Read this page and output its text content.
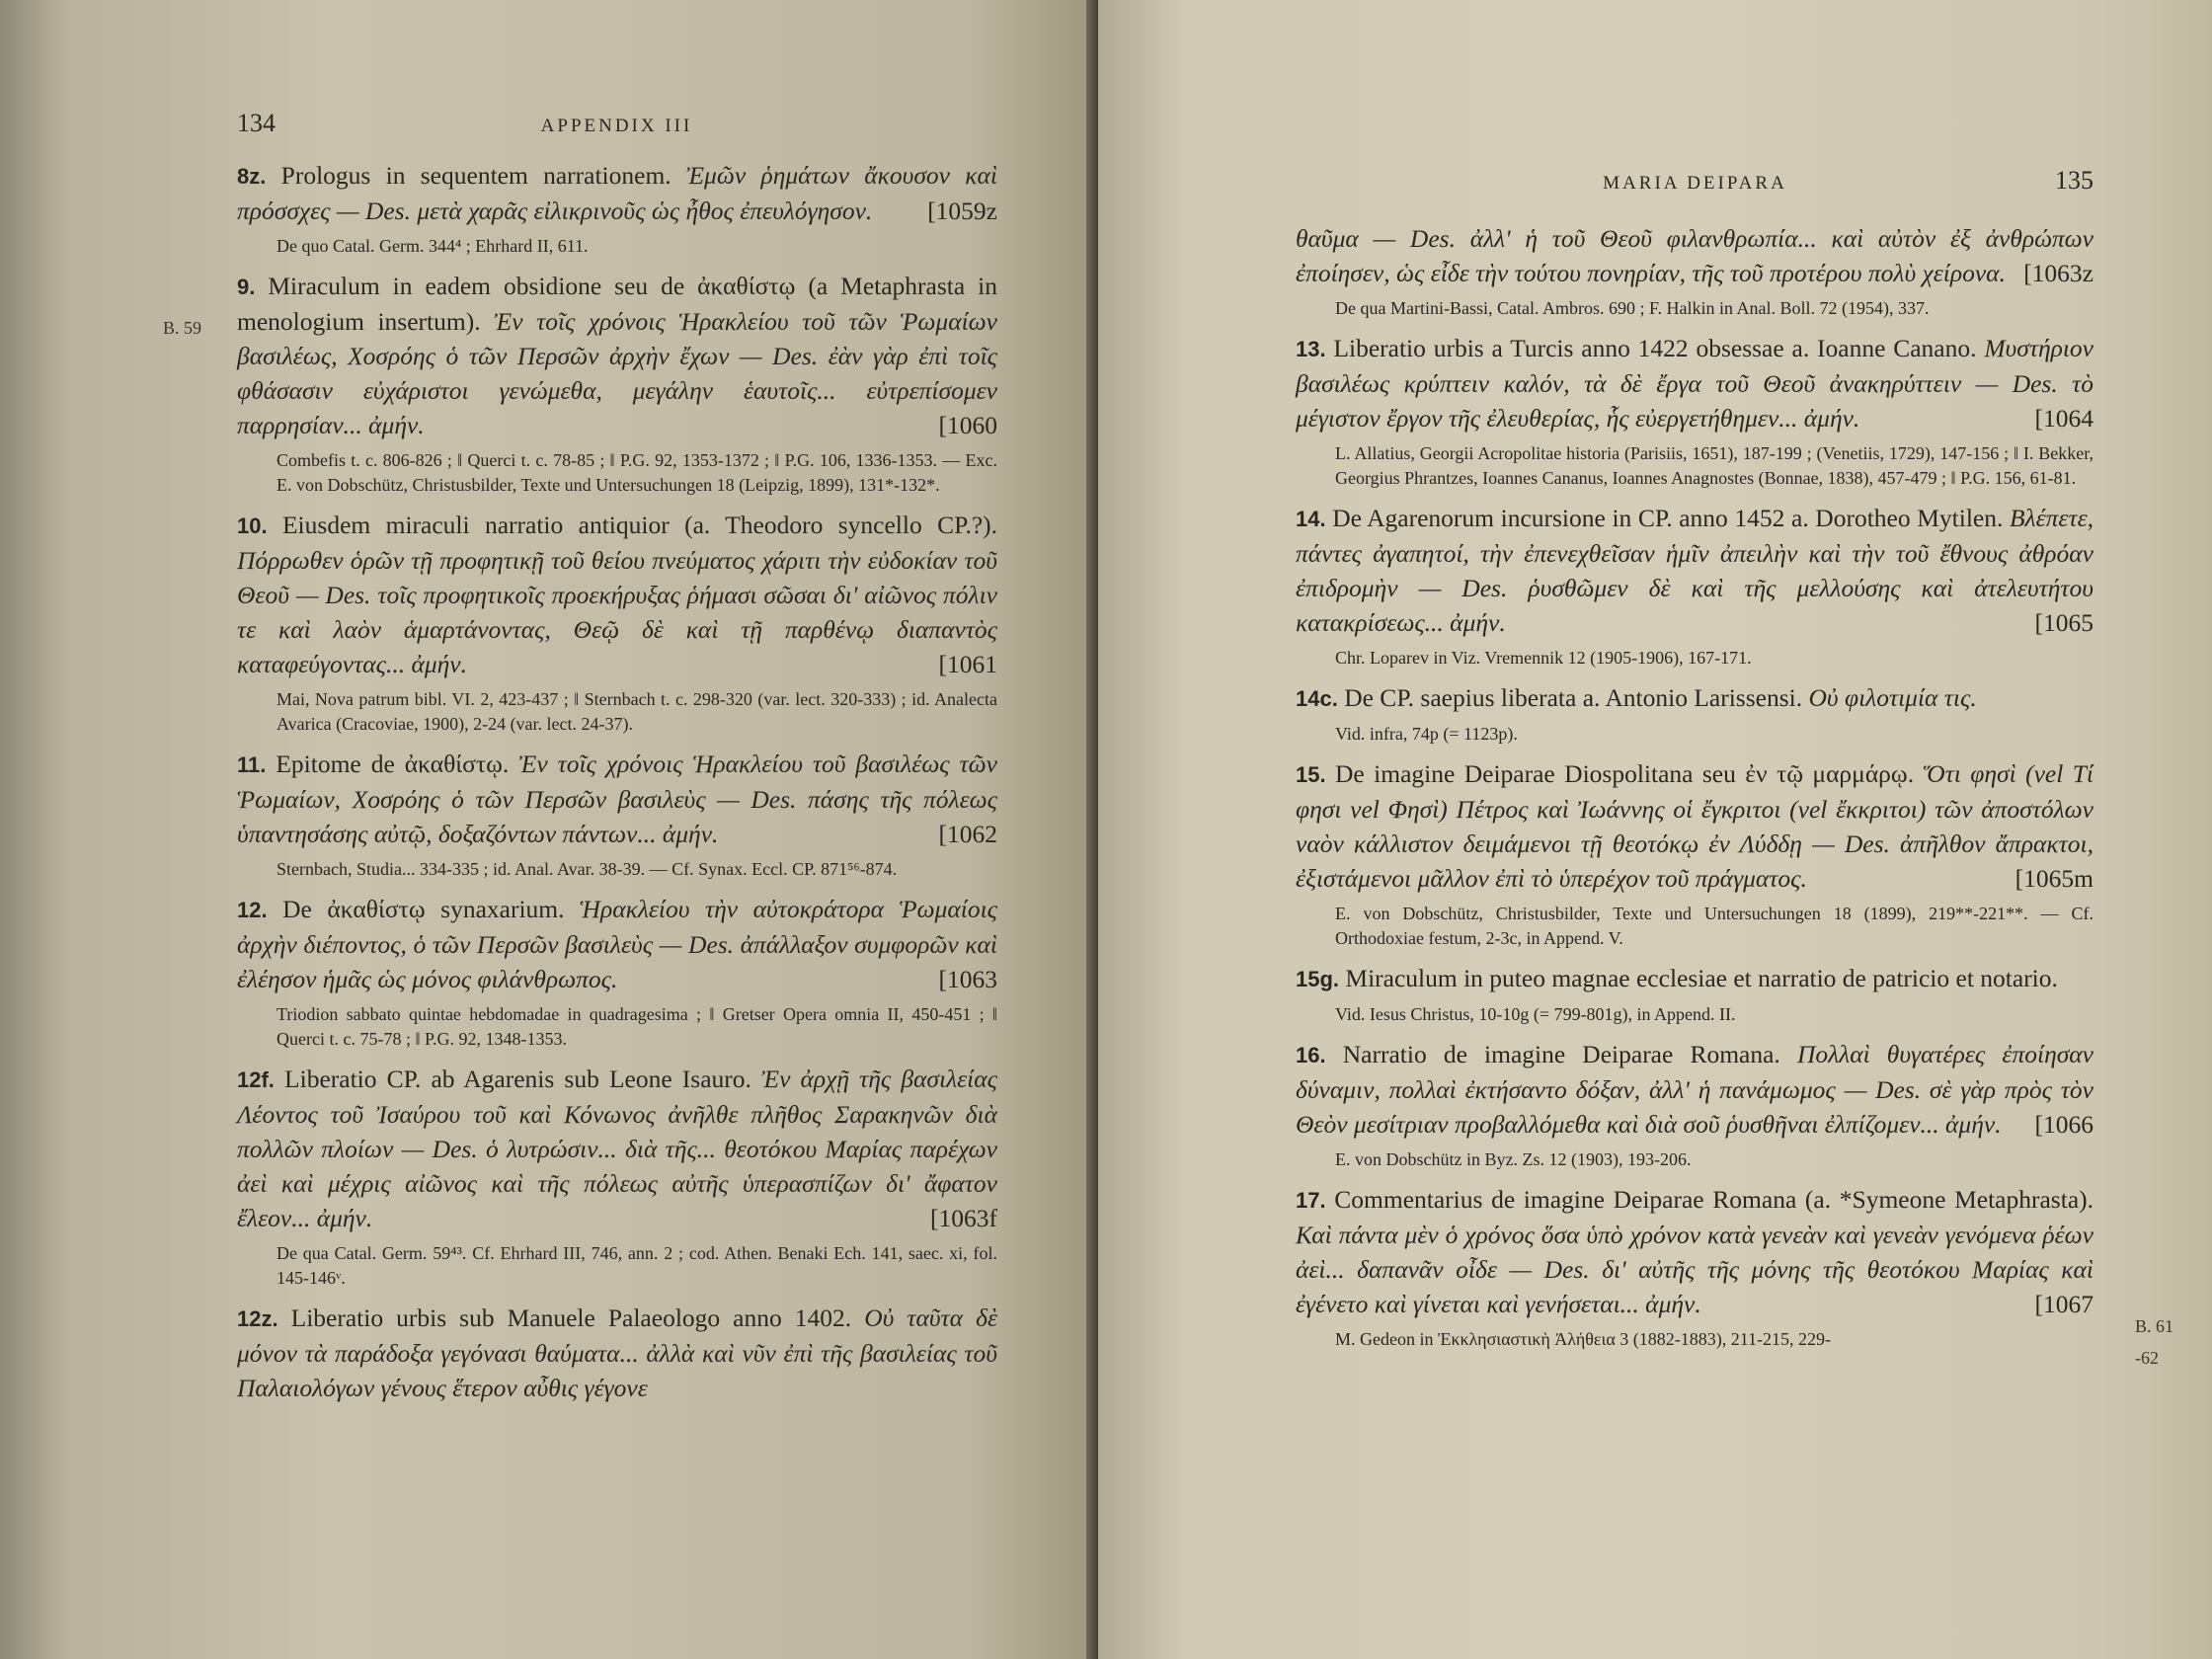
134	APPENDIX III
B. 59
8z. Prologus in sequentem narrationem. Ἐμῶν ῥημάτων ἄκουσον καὶ πρόσσχες — Des. μετὰ χαρᾶς εἰλικρινοῦς ὡς ἦθος ἐπευλόγησον. [1059z
De quo Catal. Germ. 344⁴ ; Ehrhard II, 611.
9. Miraculum in eadem obsidione seu de ἀκαθίστῳ (a Metaphrasta in menologium insertum). Ἐν τοῖς χρόνοις Ἡρακλείου τοῦ τῶν Ῥωμαίων βασιλέως, Χοσρόης ὁ τῶν Περσῶν ἀρχὴν ἔχων — Des. ἐὰν γὰρ ἐπὶ τοῖς φθάσασιν εὐχάριστοι γενώμεθα, μεγάλην ἑαυτοῖς... εὐτρεπίσομεν παρρησίαν... ἀμήν.	[1060
Combefis t. c. 806-826 ; ‖ Querci t. c. 78-85 ; ‖ P.G. 92, 1353-1372 ; ‖ P.G. 106, 1336-1353. — Exc. E. von Dobschütz, Christusbilder, Texte und Untersuchungen 18 (Leipzig, 1899), 131*-132*.
10. Eiusdem miraculi narratio antiquior (a. Theodoro syncello CP.?). Πόρρωθεν ὁρῶν τῇ προφητικῇ τοῦ θείου πνεύματος χάριτι τὴν εὐδοκίαν τοῦ Θεοῦ — Des. τοῖς προφητικοῖς προεκήρυξας ῥήμασι σῶσαι δι' αἰῶνος πόλιν τε καὶ λαὸν ἁμαρτάνοντας, Θεῷ δὲ καὶ τῇ παρθένῳ διαπαντὸς καταφεύγοντας... ἀμήν.	[1061
Mai, Nova patrum bibl. VI. 2, 423-437 ; ‖ Sternbach t. c. 298-320 (var. lect. 320-333) ; id. Analecta Avarica (Cracoviae, 1900), 2-24 (var. lect. 24-37).
11. Epitome de ἀκαθίστῳ. Ἐν τοῖς χρόνοις Ἡρακλείου τοῦ βασιλέως τῶν Ῥωμαίων, Χοσρόης ὁ τῶν Περσῶν βασιλεὺς — Des. πάσης τῆς πόλεως ὑπαντησάσης αὐτῷ, δοξαζόντων πάντων... ἀμήν.	[1062
Sternbach, Studia... 334-335 ; id. Anal. Avar. 38-39. — Cf. Synax. Eccl. CP. 871⁵⁶-874.
12. De ἀκαθίστῳ synaxarium. Ἡρακλείου τὴν αὐτοκράτορα Ῥωμαίοις ἀρχὴν διέποντος, ὁ τῶν Περσῶν βασιλεὺς — Des. ἀπάλλαξον συμφορῶν καὶ ἐλέησον ἡμᾶς ὡς μόνος φιλάνθρωπος.	[1063
Triodion sabbato quintae hebdomadae in quadragesima ; ‖ Gretser Opera omnia II, 450-451 ; ‖ Querci t. c. 75-78 ; ‖ P.G. 92, 1348-1353.
12f. Liberatio CP. ab Agarenis sub Leone Isauro. Ἐν ἀρχῇ τῆς βασιλείας Λέοντος τοῦ Ἰσαύρου τοῦ καὶ Κόνωνος ἀνῆλθε πλῆθος Σαρακηνῶν διὰ πολλῶν πλοίων — Des. ὁ λυτρώσιν... διὰ τῆς... θεοτόκου Μαρίας παρέχων ἀεὶ καὶ μέχρις αἰῶνος καὶ τῆς πόλεως αὐτῆς ὑπερασπίζων δι' ἄφατον ἔλεον... ἀμήν.	[1063f
De qua Catal. Germ. 59⁴³. Cf. Ehrhard III, 746, ann. 2 ; cod. Athen. Benaki Ech. 141, saec. xi, fol. 145-146ᵛ.
12z. Liberatio urbis sub Manuele Palaeologo anno 1402. Οὐ ταῦτα δὲ μόνον τὰ παράδοξα γεγόνασι θαύματα... ἀλλὰ καὶ νῦν ἐπὶ τῆς βασιλείας τοῦ Παλαιολόγων γένους ἕτερον αὖθις γέγονε
MARIA DEIPARA	135
B. 61
-62
θαῦμα — Des. ἀλλ' ἡ τοῦ Θεοῦ φιλανθρωπία... καὶ αὐτὸν ἐξ ἀνθρώπων ἐποίησεν, ὡς εἶδε τὴν τούτου πονηρίαν, τῆς τοῦ προτέρου πολὺ χείρονα. [1063z
De qua Martini-Bassi, Catal. Ambros. 690 ; F. Halkin in Anal. Boll. 72 (1954), 337.
13. Liberatio urbis a Turcis anno 1422 obsessae a. Ioanne Canano. Μυστήριον βασιλέως κρύπτειν καλόν, τὰ δὲ ἔργα τοῦ Θεοῦ ἀνακηρύττειν — Des. τὸ μέγιστον ἔργον τῆς ἐλευθερίας, ἧς εὐεργετήθημεν... ἀμήν.	[1064
L. Allatius, Georgii Acropolitae historia (Parisiis, 1651), 187-199 ; (Venetiis, 1729), 147-156 ; ‖ I. Bekker, Georgius Phrantzes, Ioannes Cananus, Ioannes Anagnostes (Bonnae, 1838), 457-479 ; ‖ P.G. 156, 61-81.
14. De Agarenorum incursione in CP. anno 1452 a. Dorotheo Mytilen. Βλέπετε, πάντες ἀγαπητοί, τὴν ἐπενεχθεῖσαν ἡμῖν ἀπειλὴν καὶ τὴν τοῦ ἔθνους ἀθρόαν ἐπιδρομὴν — Des. ῥυσθῶμεν δὲ καὶ τῆς μελλούσης καὶ ἀτελευτήτου κατακρίσεως... ἀμήν.	[1065
Chr. Loparev in Viz. Vremennik 12 (1905-1906), 167-171.
14c. De CP. saepius liberata a. Antonio Larissensi. Οὐ φιλοτιμία τις.
Vid. infra, 74p (= 1123p).
15. De imagine Deiparae Diospolitana seu ἐν τῷ μαρμάρῳ. Ὅτι φησὶ (vel Τί φησι vel Φησὶ) Πέτρος καὶ Ἰωάννης οἱ ἔγκριτοι (vel ἔκκριτοι) τῶν ἀποστόλων ναὸν κάλλιστον δειμάμενοι τῇ θεοτόκῳ ἐν Λύδδῃ — Des. ἀπῆλθον ἄπρακτοι, ἐξιστάμενοι μᾶλλον ἐπὶ τὸ ὑπερέχον τοῦ πράγματος.	[1065m
E. von Dobschütz, Christusbilder, Texte und Untersuchungen 18 (1899), 219**-221**. — Cf. Orthodoxiae festum, 2-3c, in Append. V.
15g. Miraculum in puteo magnae ecclesiae et narratio de patricio et notario.
Vid. Iesus Christus, 10-10g (= 799-801g), in Append. II.
16. Narratio de imagine Deiparae Romana. Πολλαὶ θυγατέρες ἐποίησαν δύναμιν, πολλαὶ ἐκτήσαντο δόξαν, ἀλλ' ἡ πανάμωμος — Des. σὲ γὰρ πρὸς τὸν Θεὸν μεσίτριαν προβαλλόμεθα καὶ διὰ σοῦ ῥυσθῆναι ἐλπίζομεν... ἀμήν. [1066
E. von Dobschütz in Byz. Zs. 12 (1903), 193-206.
17. Commentarius de imagine Deiparae Romana (a. *Symeone Metaphrasta). Καὶ πάντα μὲν ὁ χρόνος ὅσα ὑπὸ χρόνον κατὰ γενεὰν καὶ γενεὰν γενόμενα ῥέων ἀεὶ... δαπανᾶν οἶδε — Des. δι' αὐτῆς τῆς μόνης τῆς θεοτόκου Μαρίας καὶ ἐγένετο καὶ γίνεται καὶ γενήσεται... ἀμήν.	[1067
M. Gedeon in Ἐκκλησιαστικὴ Ἀλήθεια 3 (1882-1883), 211-215, 229-
